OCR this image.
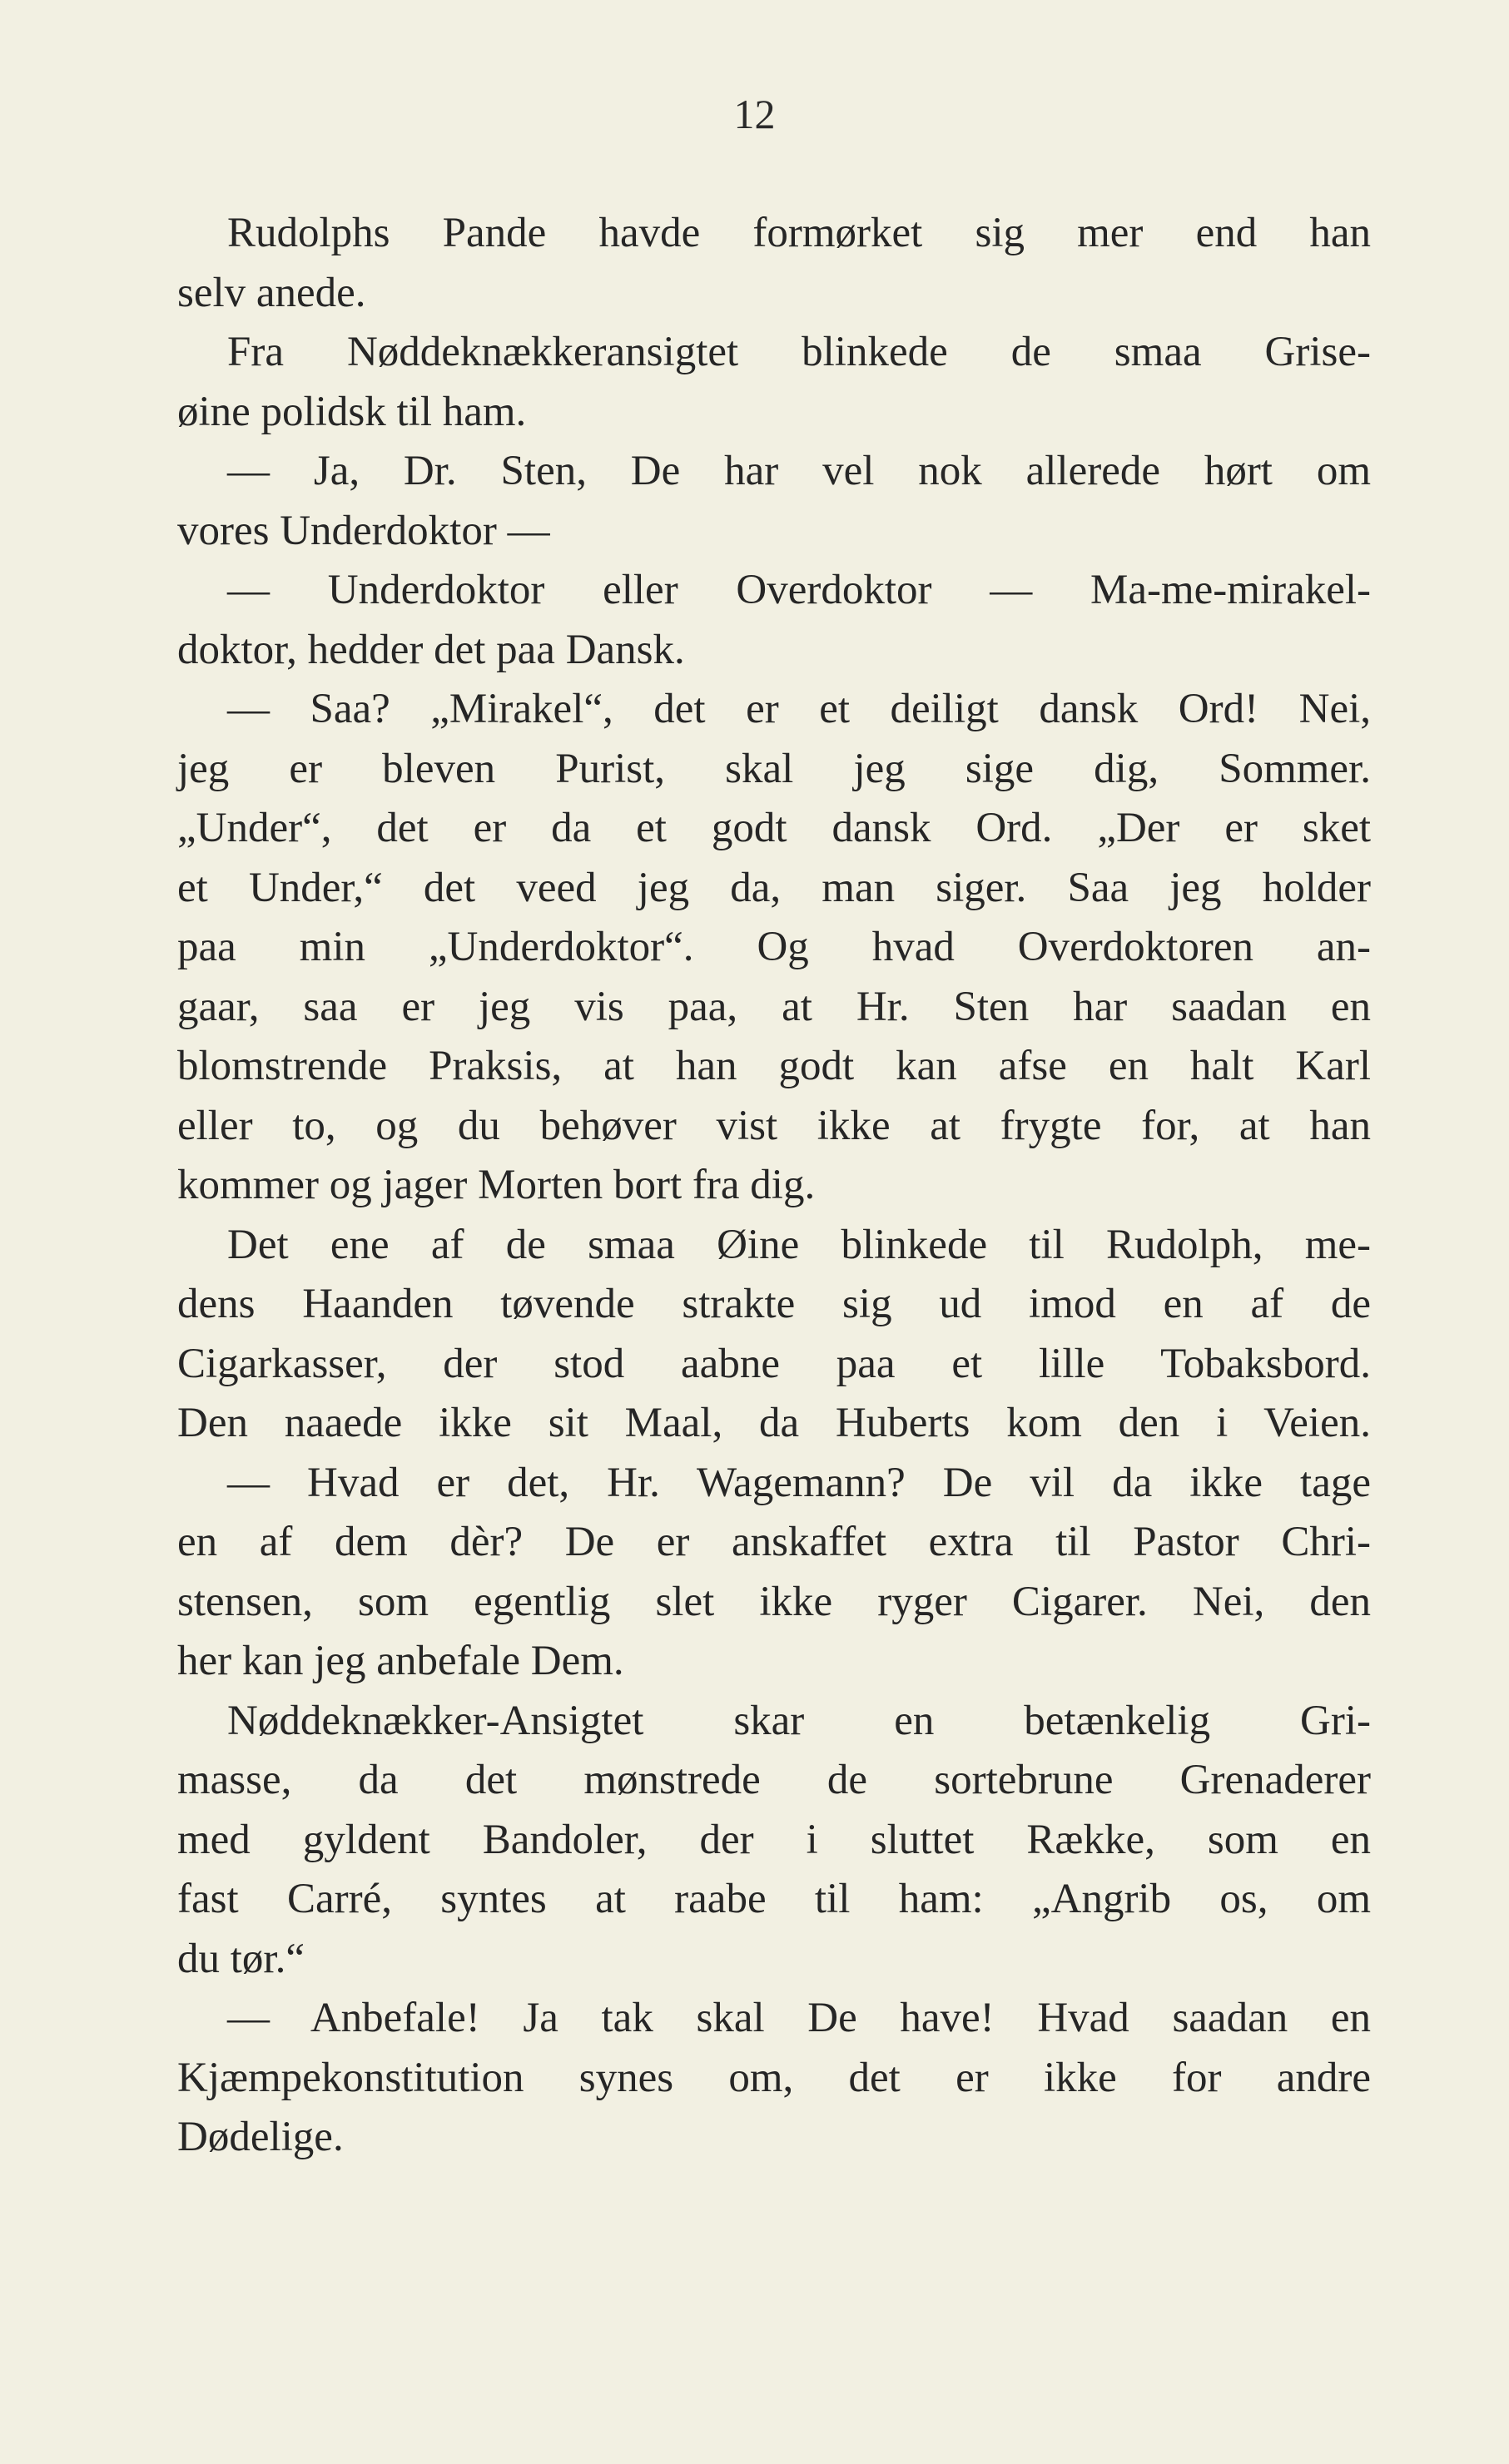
12
Rudolphs Pande havde formørket sig mer end han
selv anede.
Fra Nøddeknækkeransigtet blinkede de smaa Grise-
øine polidsk til ham.
— Ja, Dr. Sten, De har vel nok allerede hørt om
vores Underdoktor —
— Underdoktor eller Overdoktor — Ma-me-mirakel-
doktor, hedder det paa Dansk.
— Saa? „Mirakel“, det er et deiligt dansk Ord! Nei,
jeg er bleven Purist, skal jeg sige dig, Sommer.
„Under“, det er da et godt dansk Ord. „Der er sket
et Under,“ det veed jeg da, man siger. Saa jeg holder
paa min „Underdoktor“. Og hvad Overdoktoren an-
gaar, saa er jeg vis paa, at Hr. Sten har saadan en
blomstrende Praksis, at han godt kan afse en halt Karl
eller to, og du behøver vist ikke at frygte for, at han
kommer og jager Morten bort fra dig.
Det ene af de smaa Øine blinkede til Rudolph, me-
dens Haanden tøvende strakte sig ud imod en af de
Cigarkasser, der stod aabne paa et lille Tobaksbord.
Den naaede ikke sit Maal, da Huberts kom den i Veien.
— Hvad er det, Hr. Wagemann? De vil da ikke tage
en af dem dèr? De er anskaffet extra til Pastor Chri-
stensen, som egentlig slet ikke ryger Cigarer. Nei, den
her kan jeg anbefale Dem.
Nøddeknækker-Ansigtet skar en betænkelig Gri-
masse, da det mønstrede de sortebrune Grenaderer
med gyldent Bandoler, der i sluttet Række, som en
fast Carré, syntes at raabe til ham: „Angrib os, om
du tør.“
— Anbefale! Ja tak skal De have! Hvad saadan en
Kjæmpekonstitution synes om, det er ikke for andre
Dødelige.
